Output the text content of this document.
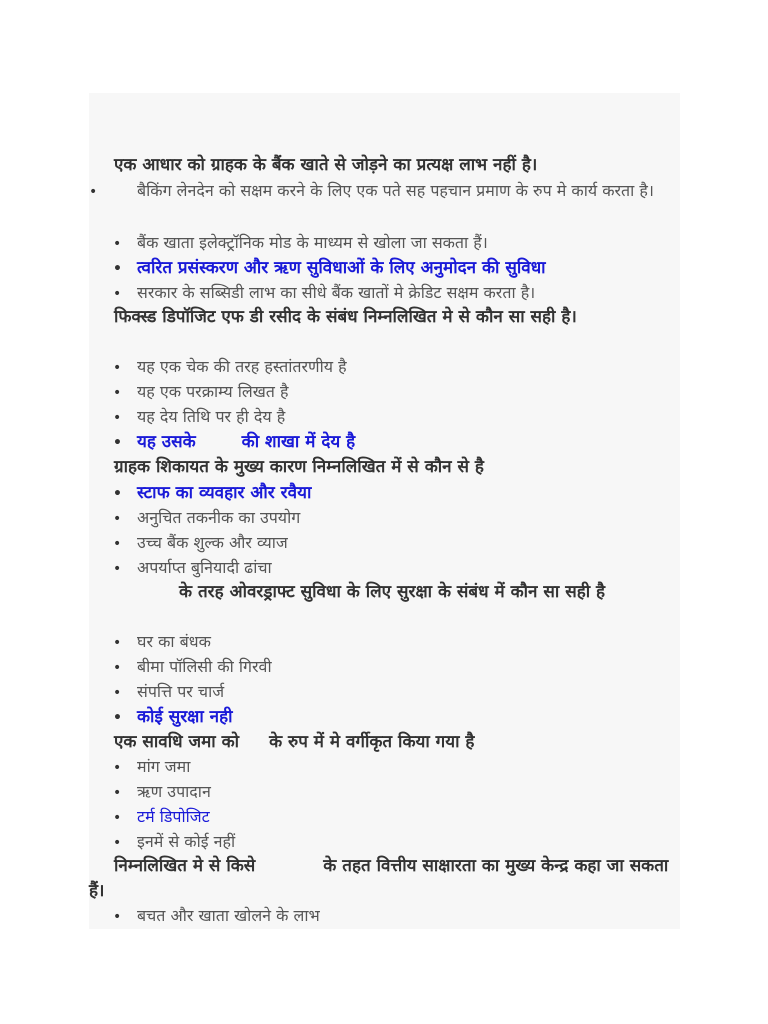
एक आधार को ग्राहक के बैंक खाते से जोड़ने का प्रत्यक्ष लाभ नहीं है।
• बैकिंग लेनदेन को सक्षम करने के लिए एक पते सह पहचान प्रमाण के रुप मे कार्य करता है।
• बैंक खाता इलेक्ट्रॉनिक मोड के माध्यम से खोला जा सकता हैं।
• त्वरित प्रसंस्करण और ऋण सुविधाओं के लिए अनुमोदन की सुविधा
• सरकार के सब्सिडी लाभ का सीधे बैंक खातों मे क्रेडिट सक्षम करता है।
फिक्स्ड डिपॉजिट एफ डी रसीद के संबंध निम्नलिखित मे से कौन सा सही है।
• यह एक चेक की तरह हस्तांतरणीय है
• यह एक परक्राम्य लिखत है
• यह देय तिथि पर ही देय है
• यह उसके	की शाखा में देय है
ग्राहक शिकायत के मुख्य कारण निम्नलिखित में से कौन से है
• स्टाफ का व्यवहार और रवैया
• अनुचित तकनीक का उपयोग
• उच्च बैंक शुल्क और व्याज
• अपर्याप्त बुनियादी ढांचा
के तरह ओवरड्राफ्ट सुविधा के लिए सुरक्षा के संबंध में कौन सा सही है
• घर का बंधक
• बीमा पॉलिसी की गिरवी
• संपत्ति पर चार्ज
• कोई सुरक्षा नही
एक सावधि जमा को के रुप में मे वर्गीकृत किया गया है
• मांग जमा
• ऋण उपादान
• टर्म डिपोजिट
• इनमें से कोई नहीं
निम्नलिखित मे से किसे	के तहत वित्तीय साक्षारता का मुख्य केन्द्र कहा जा सकता हैं।
• बचत और खाता खोलने के लाभ
